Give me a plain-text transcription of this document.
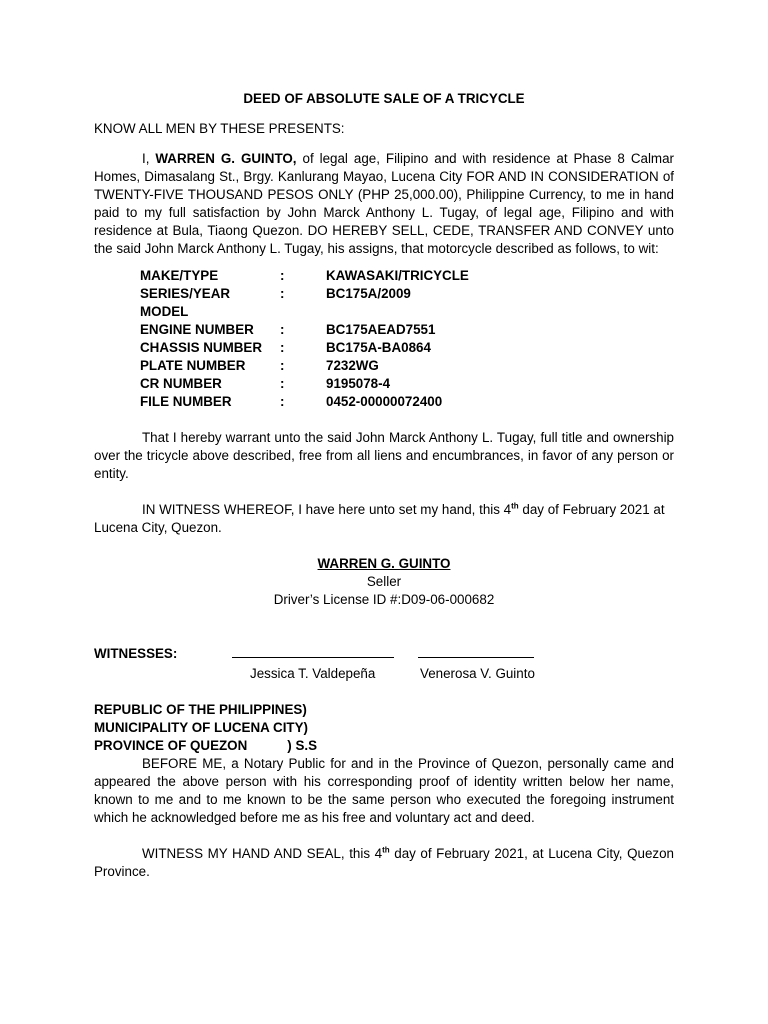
DEED OF ABSOLUTE SALE OF A TRICYCLE

KNOW ALL MEN BY THESE PRESENTS:

I, WARREN G. GUINTO, of legal age, Filipino and with residence at Phase 8 Calmar Homes, Dimasalang St., Brgy. Kanlurang Mayao, Lucena City FOR AND IN CONSIDERATION of TWENTY-FIVE THOUSAND PESOS ONLY (PHP 25,000.00), Philippine Currency, to me in hand paid to my full satisfaction by John Marck Anthony L. Tugay, of legal age, Filipino and with residence at Bula, Tiaong Quezon. DO HEREBY SELL, CEDE, TRANSFER AND CONVEY unto the said John Marck Anthony L. Tugay, his assigns, that motorcycle described as follows, to wit:

MAKE/TYPE	:	KAWASAKI/TRICYCLE
SERIES/YEAR MODEL	:	BC175A/2009
ENGINE NUMBER	:	BC175AEAD7551
CHASSIS NUMBER	:	BC175A-BA0864
PLATE NUMBER	:	7232WG
CR NUMBER	:	9195078-4
FILE NUMBER	:	0452-00000072400

That I hereby warrant unto the said John Marck Anthony L. Tugay, full title and ownership over the tricycle above described, free from all liens and encumbrances, in favor of any person or entity.

IN WITNESS WHEREOF, I have here unto set my hand, this 4th day of February 2021 at Lucena City, Quezon.

WARREN G. GUINTO
Seller
Driver’s License ID #:D09-06-000682
WITNESSES:
Jessica T. Valdepeña	Venerosa V. Guinto
REPUBLIC OF THE PHILIPPINES)
MUNICIPALITY OF LUCENA CITY)
PROVINCE OF QUEZON	) S.S

BEFORE ME, a Notary Public for and in the Province of Quezon, personally came and appeared the above person with his corresponding proof of identity written below her name, known to me and to me known to be the same person who executed the foregoing instrument which he acknowledged before me as his free and voluntary act and deed.

WITNESS MY HAND AND SEAL, this 4th day of February 2021, at Lucena City, Quezon Province.
